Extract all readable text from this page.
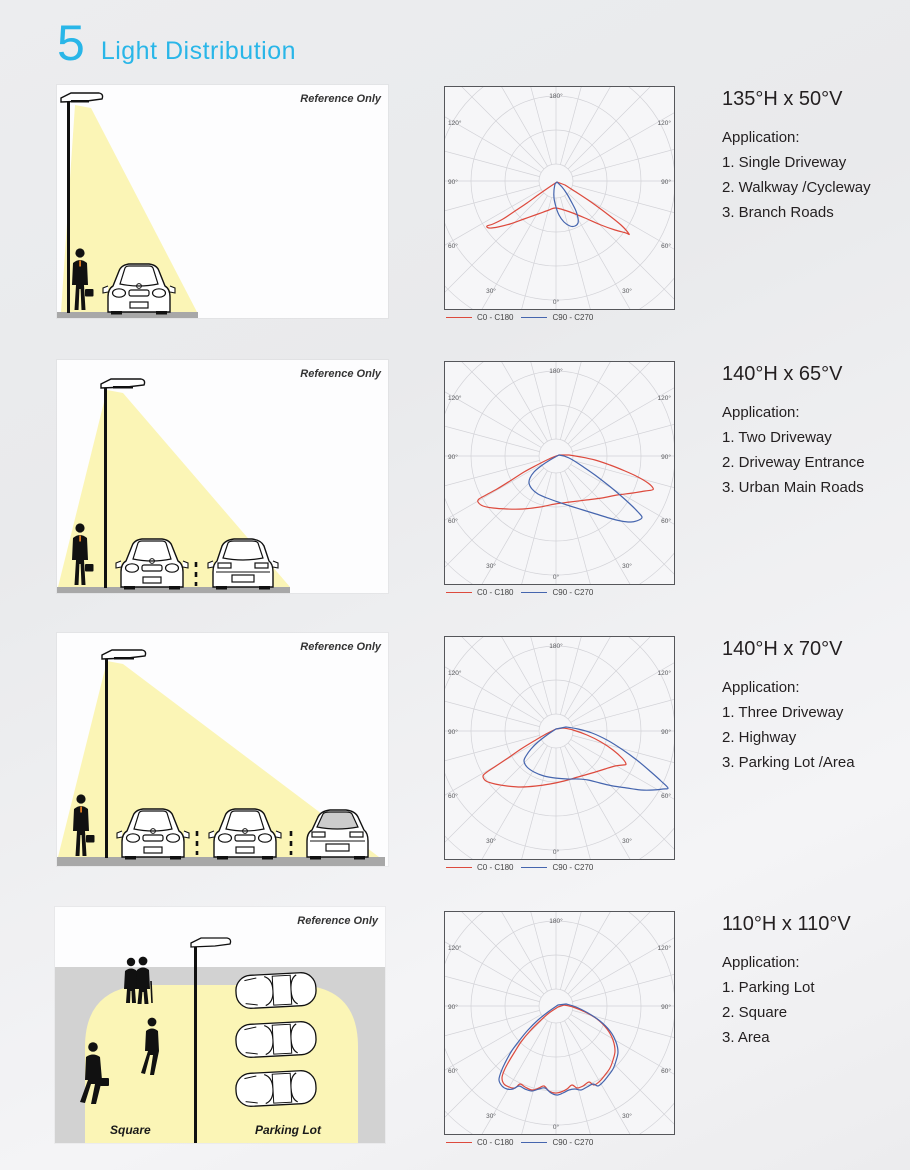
5 Light Distribution
Reference Only	180°
120°	120°
90°	90°
60°	60°
30°	30°
0°
C0 - C180	C90 - C270
135°H x 50°V
Application:
1. Single Driveway
2. Walkway /Cycleway
3. Branch Roads
Reference Only	180°
120°	120°
90°	90°
60°	60°
30°	30°
0°
C0 - C180	C90 - C270
140°H x 65°V
Application:
1. Two Driveway
2. Driveway Entrance
3. Urban Main Roads
Reference Only	180°
120°	120°
90°	90°
60°	60°
30°	30°
0°
C0 - C180	C90 - C270
140°H x 70°V
Application:
1. Three Driveway
2. Highway
3. Parking Lot /Area
Reference Only
Square	Parking Lot
180°
120°	120°
90°	90°
60°	60°
30°	30°
0°
C0 - C180	C90 - C270
110°H x 110°V
Application:
1. Parking Lot
2. Square
3. Area
